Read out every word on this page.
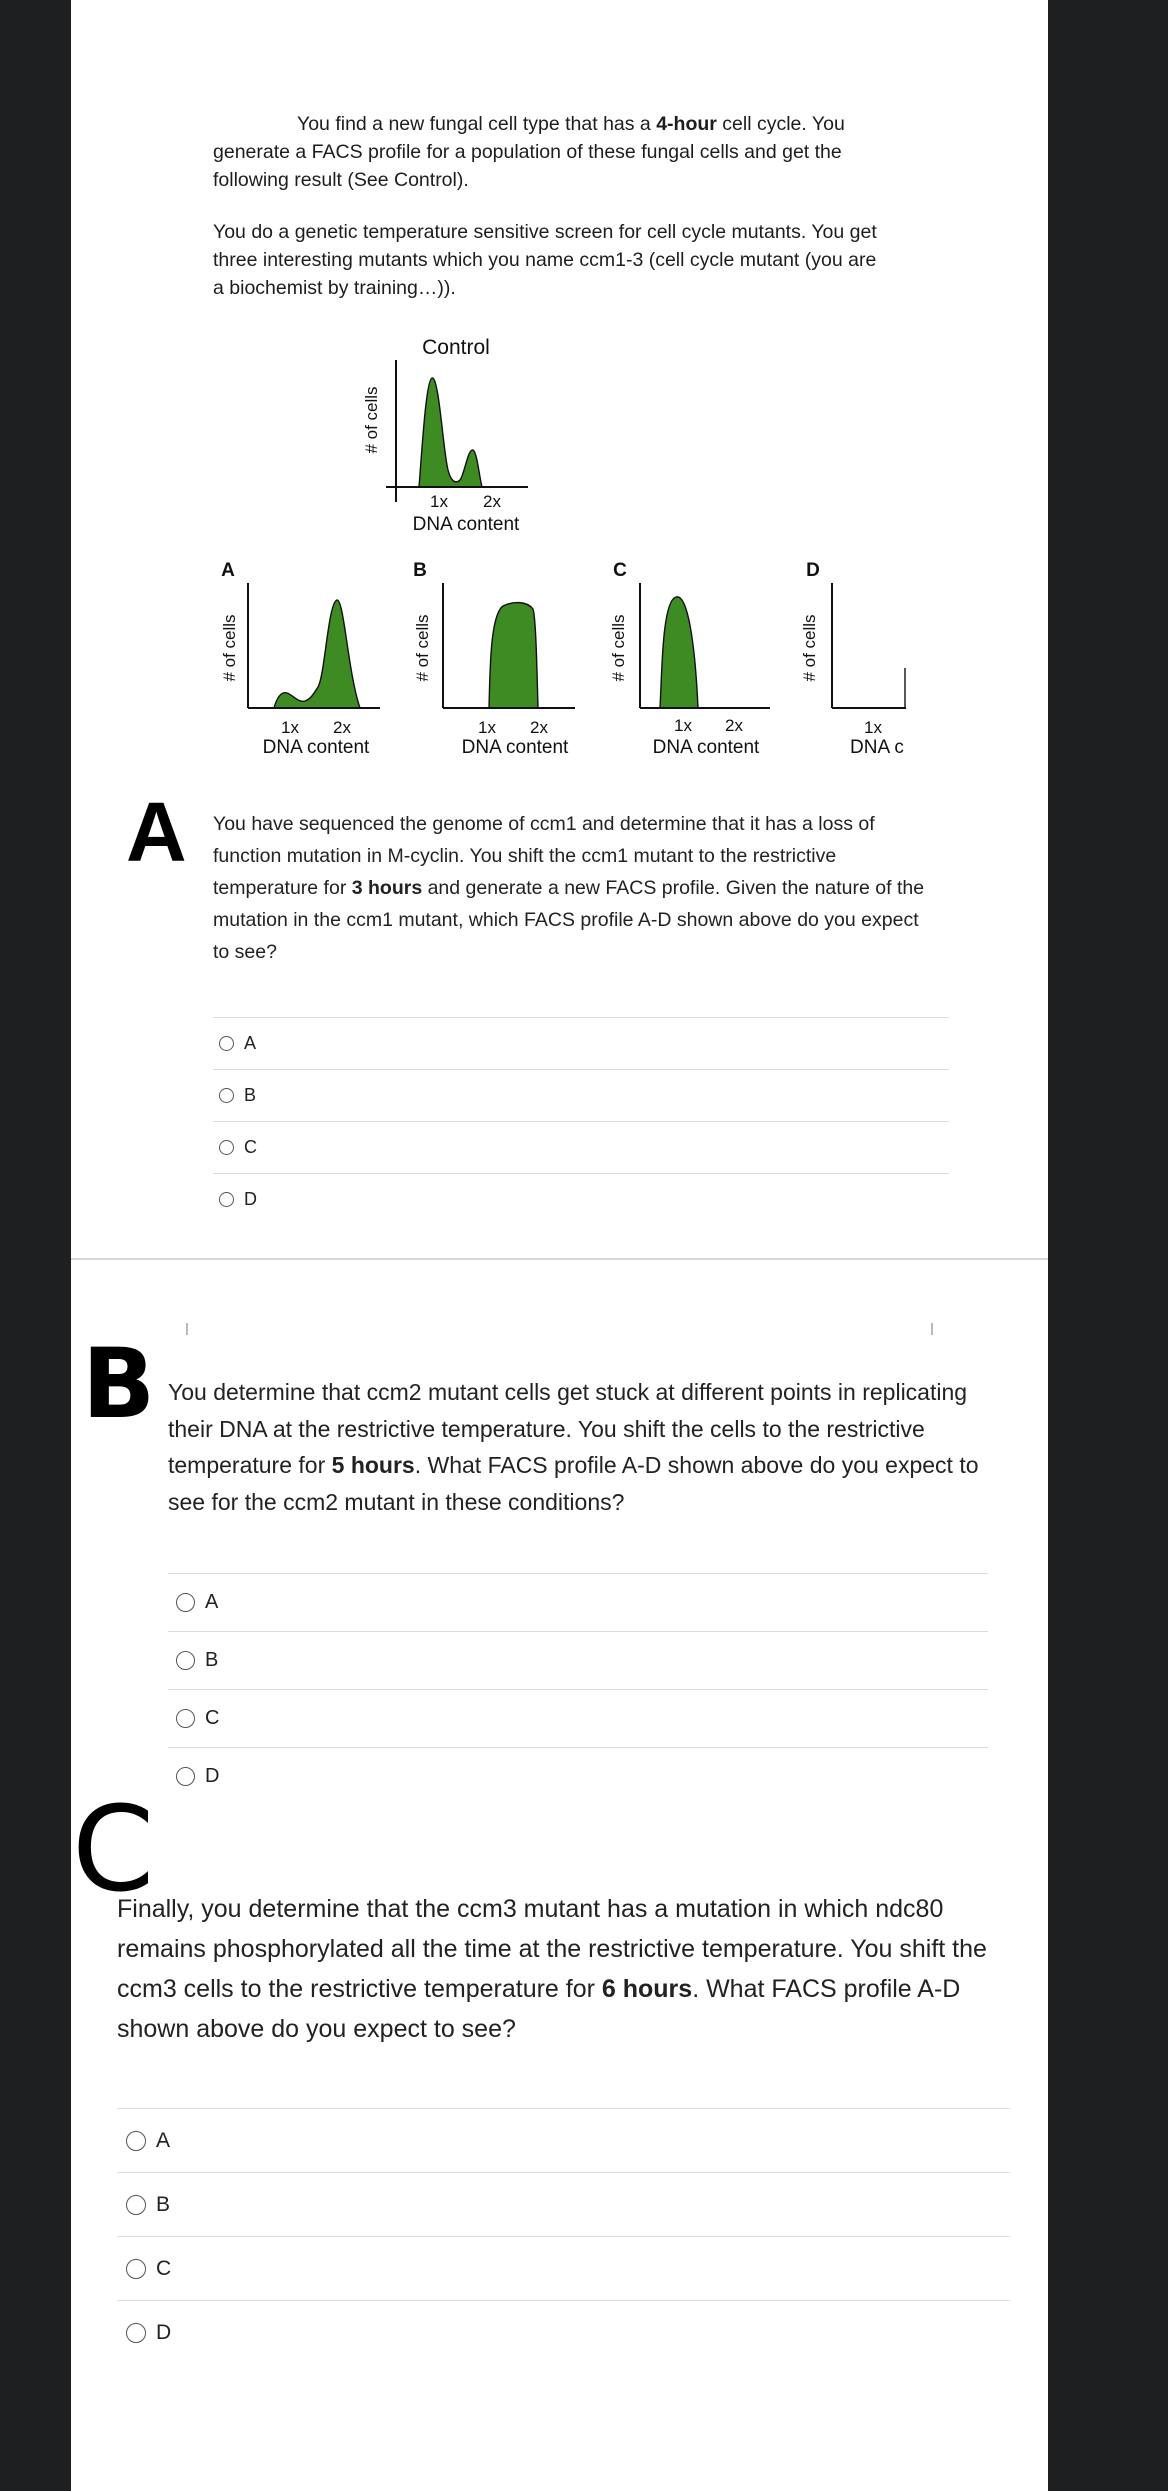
You find a new fungal cell type that has a 4-hour cell cycle. You generate a FACS profile for a population of these fungal cells and get the following result (See Control).

You do a genetic temperature sensitive screen for cell cycle mutants. You get three interesting mutants which you name ccm1-3 (cell cycle mutant (you are a biochemist by training…)).

Control
# of cells
1x 2x
DNA content
A
# of cells
1x 2x
DNA content
B
# of cells
1x 2x
DNA content
C
# of cells
1x 2x
DNA content
D
# of cells
1x
DNA c
A You have sequenced the genome of ccm1 and determine that it has a loss of function mutation in M-cyclin. You shift the ccm1 mutant to the restrictive temperature for 3 hours and generate a new FACS profile. Given the nature of the mutation in the ccm1 mutant, which FACS profile A-D shown above do you expect to see?
A
B
C
D
B You determine that ccm2 mutant cells get stuck at different points in replicating their DNA at the restrictive temperature. You shift the cells to the restrictive temperature for 5 hours. What FACS profile A-D shown above do you expect to see for the ccm2 mutant in these conditions?
A
B
C
D
C
Finally, you determine that the ccm3 mutant has a mutation in which ndc80 remains phosphorylated all the time at the restrictive temperature. You shift the ccm3 cells to the restrictive temperature for 6 hours. What FACS profile A-D shown above do you expect to see?
A
B
C
D
